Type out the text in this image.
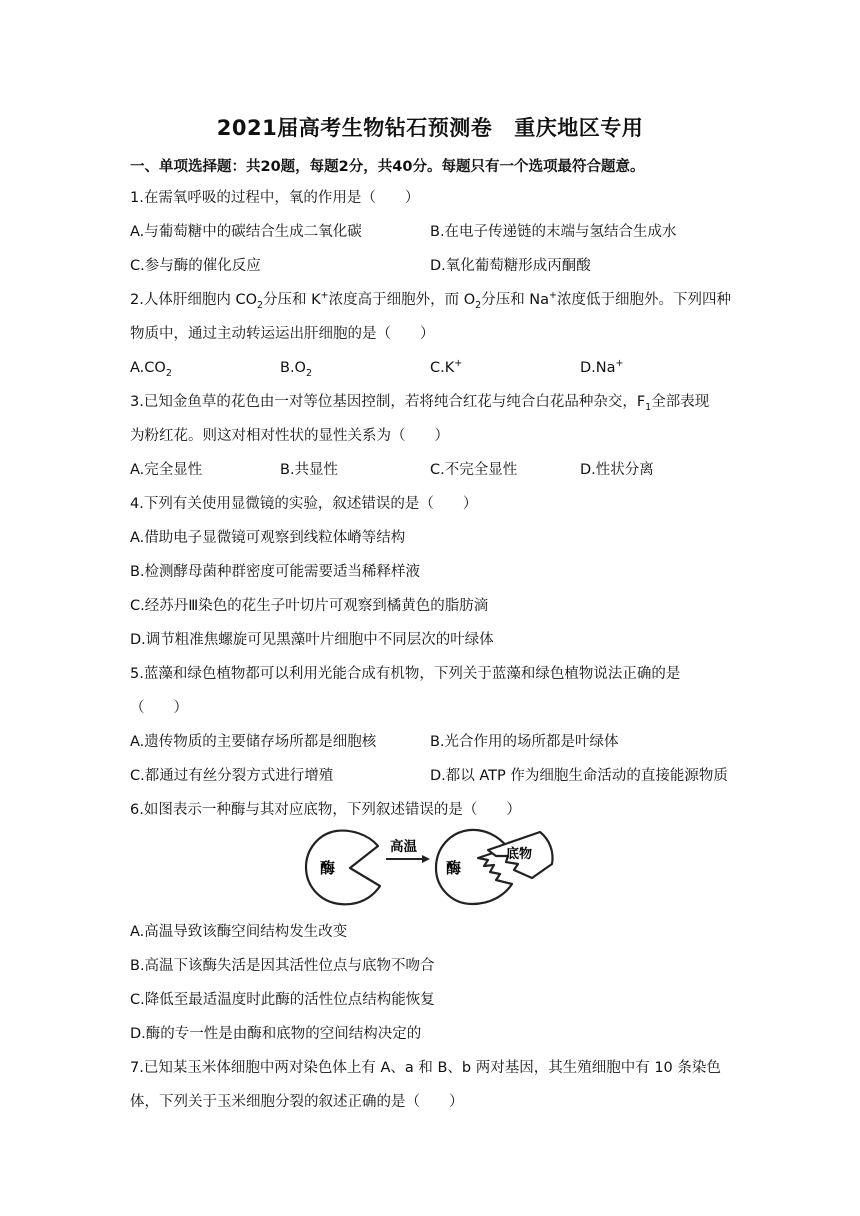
2021届高考生物钻石预测卷 重庆地区专用
一、单项选择题：共20题，每题2分，共40分。每题只有一个选项最符合题意。
1.在需氧呼吸的过程中，氧的作用是（　　）
A.与葡萄糖中的碳结合生成二氧化碳	B.在电子传递链的末端与氢结合生成水
C.参与酶的催化反应	D.氧化葡萄糖形成丙酮酸
2.人体肝细胞内 $CO_2$分压和 K+浓度高于细胞外，而 $O_2$分压和 Na+浓度低于细胞外。下列四种
物质中，通过主动转运运出肝细胞的是（　　）
$A.CO_2$	$B.O_2$	C.K+	D.Na+
3.已知金鱼草的花色由一对等位基因控制，若将纯合红花与纯合白花品种杂交，$F_1$全部表现
为粉红花。则这对相对性状的显性关系为（　　）
A.完全显性	B.共显性	C.不完全显性	D.性状分离
4.下列有关使用显微镜的实验，叙述错误的是（　　）
A.借助电子显微镜可观察到线粒体嵴等结构
B.检测酵母菌种群密度可能需要适当稀释样液
C.经苏丹Ⅲ染色的花生子叶切片可观察到橘黄色的脂肪滴
D.调节粗准焦螺旋可见黑藻叶片细胞中不同层次的叶绿体
5.蓝藻和绿色植物都可以利用光能合成有机物，下列关于蓝藻和绿色植物说法正确的是
（　　）
A.遗传物质的主要储存场所都是细胞核	B.光合作用的场所都是叶绿体
C.都通过有丝分裂方式进行增殖	D.都以 ATP 作为细胞生命活动的直接能源物质
6.如图表示一种酶与其对应底物，下列叙述错误的是（　　）
酶
高温
酶
底物
A.高温导致该酶空间结构发生改变
B.高温下该酶失活是因其活性位点与底物不吻合
C.降低至最适温度时此酶的活性位点结构能恢复
D.酶的专一性是由酶和底物的空间结构决定的
7.已知某玉米体细胞中两对染色体上有 A、a 和 B、b 两对基因，其生殖细胞中有 10 条染色
体，下列关于玉米细胞分裂的叙述正确的是（　　）
